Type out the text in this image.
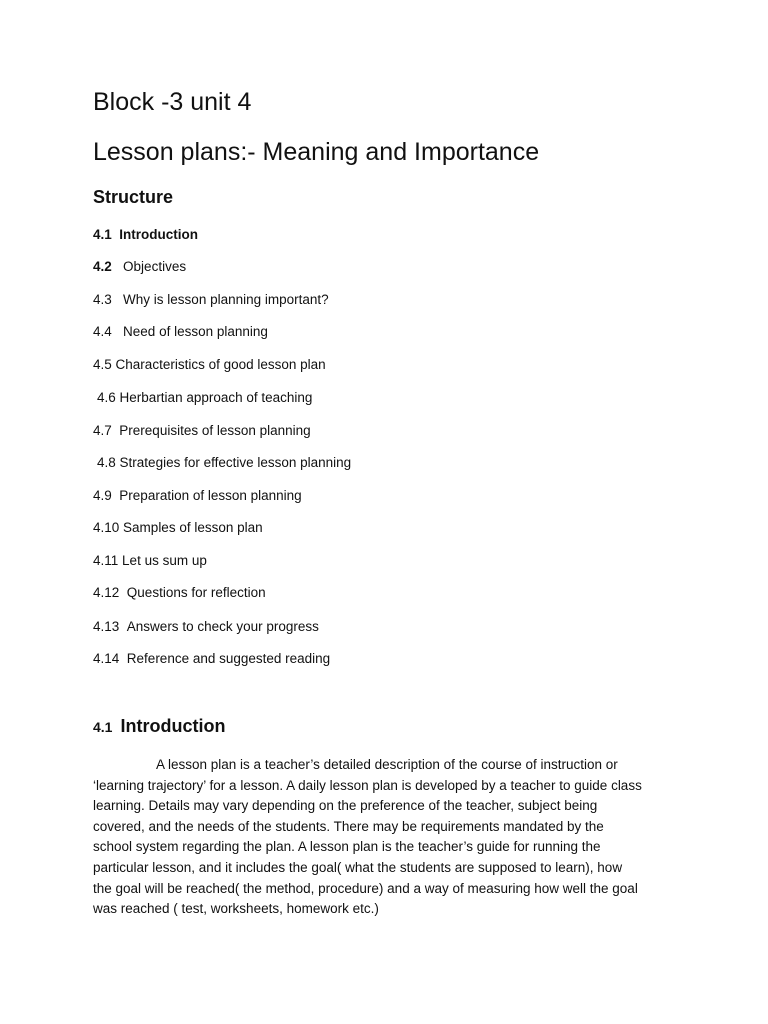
Block -3 unit 4
Lesson plans:- Meaning and Importance
Structure
4.1 Introduction
4.2 Objectives
4.3 Why is lesson planning important?
4.4 Need of lesson planning
4.5 Characteristics of good lesson plan
4.6 Herbartian approach of teaching
4.7 Prerequisites of lesson planning
4.8 Strategies for effective lesson planning
4.9 Preparation of lesson planning
4.10 Samples of lesson plan
4.11 Let us sum up
4.12 Questions for reflection
4.13 Answers to check your progress
4.14 Reference and suggested reading
4.1 Introduction

A lesson plan is a teacher’s detailed description of the course of instruction or

‘learning trajectory’ for a lesson. A daily lesson plan is developed by a teacher to guide class

learning. Details may vary depending on the preference of the teacher, subject being

covered, and the needs of the students. There may be requirements mandated by the

school system regarding the plan. A lesson plan is the teacher’s guide for running the

particular lesson, and it includes the goal( what the students are supposed to learn), how

the goal will be reached( the method, procedure) and a way of measuring how well the goal

was reached ( test, worksheets, homework etc.)
